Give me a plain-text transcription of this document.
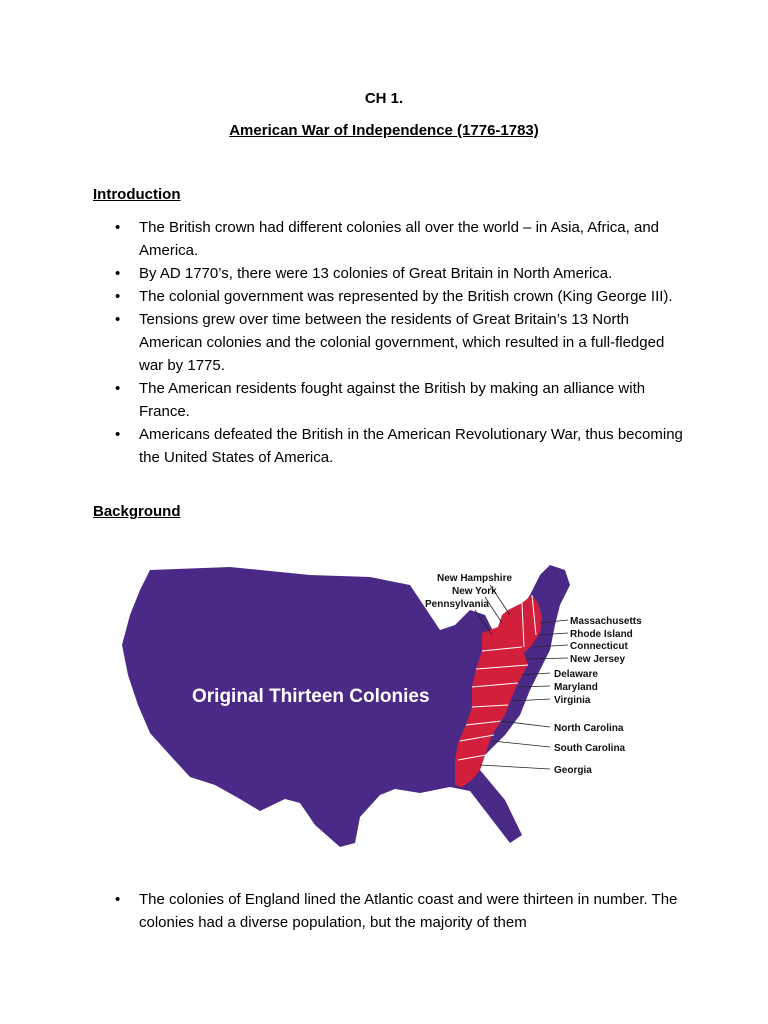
CH 1.
American War of Independence (1776-1783)
Introduction
• The British crown had different colonies all over the world – in Asia, Africa, and America.
• By AD 1770’s, there were 13 colonies of Great Britain in North America.
• The colonial government was represented by the British crown (King George III).
• Tensions grew over time between the residents of Great Britain’s 13 North American colonies and the colonial government, which resulted in a full-fledged war by 1775.
• The American residents fought against the British by making an alliance with France.
• Americans defeated the British in the American Revolutionary War, thus becoming the United States of America.
Background
Original Thirteen Colonies
New Hampshire
New York
Pennsylvania
Massachusetts
Rhode Island
Connecticut
New Jersey
Delaware
Maryland
Virginia
North Carolina
South Carolina
Georgia
• The colonies of England lined the Atlantic coast and were thirteen in number. The colonies had a diverse population, but the majority of them
